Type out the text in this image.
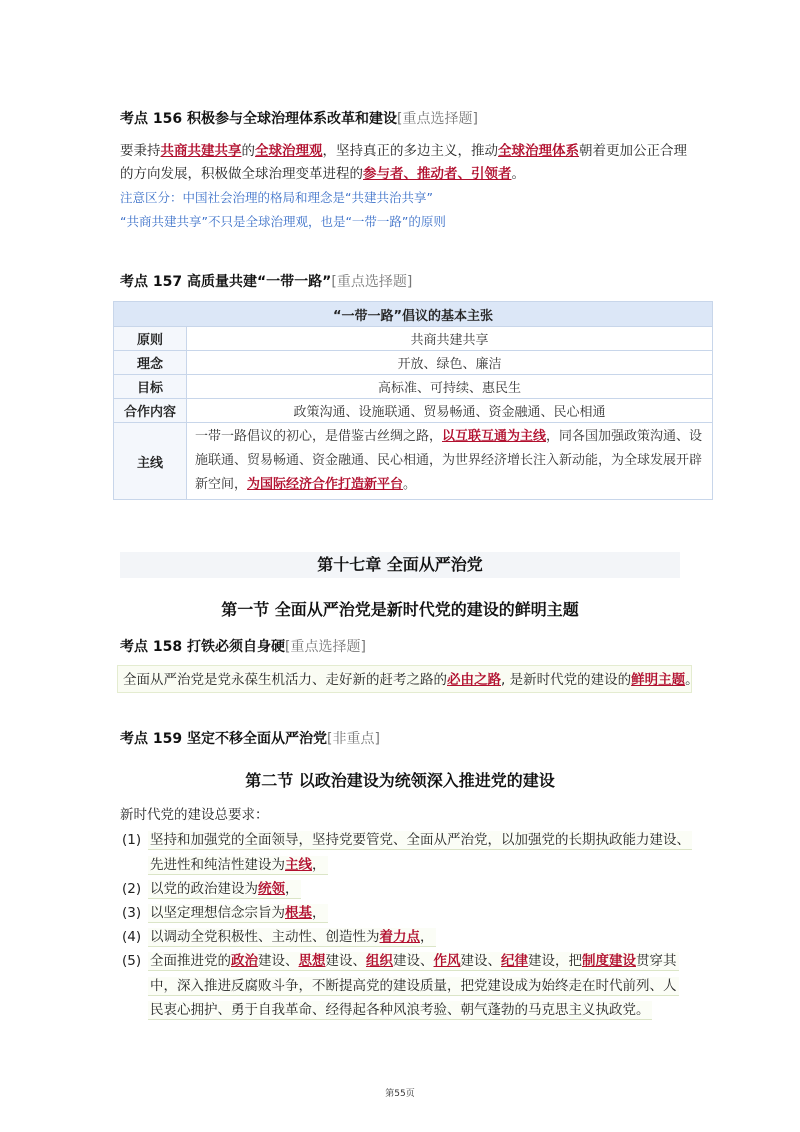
考点 156 积极参与全球治理体系改革和建设[重点选择题]
要秉持共商共建共享的全球治理观，坚持真正的多边主义，推动全球治理体系朝着更加公正合理的方向发展，积极做全球治理变革进程的参与者、推动者、引领者。
注意区分：中国社会治理的格局和理念是“共建共治共享”
“共商共建共享”不只是全球治理观，也是“一带一路”的原则
考点 157 高质量共建“一带一路”[重点选择题]
“一带一路”倡议的基本主张	
原则	共商共建共享
理念	开放、绿色、廉洁
目标	高标准、可持续、惠民生
合作内容	政策沟通、设施联通、贸易畅通、资金融通、民心相通
主线	一带一路倡议的初心，是借鉴古丝绸之路，以互联互通为主线，同各国加强政策沟通、设施联通、贸易畅通、资金融通、民心相通，为世界经济增长注入新动能，为全球发展开辟新空间，为国际经济合作打造新平台。
第十七章 全面从严治党
第一节 全面从严治党是新时代党的建设的鲜明主题
考点 158 打铁必须自身硬[重点选择题]
全面从严治党是党永葆生机活力、走好新的赶考之路的必由之路, 是新时代党的建设的鲜明主题。
考点 159 坚定不移全面从严治党[非重点]
第二节 以政治建设为统领深入推进党的建设
新时代党的建设总要求：
(1) 坚持和加强党的全面领导，坚持党要管党、全面从严治党，以加强党的长期执政能力建设、
先进性和纯洁性建设为主线，
(2) 以党的政治建设为统领，
(3) 以坚定理想信念宗旨为根基，
(4) 以调动全党积极性、主动性、创造性为着力点，
(5) 全面推进党的政治建设、思想建设、组织建设、作风建设、纪律建设，把制度建设贯穿其
中，深入推进反腐败斗争，不断提高党的建设质量，把党建设成为始终走在时代前列、人
民衷心拥护、勇于自我革命、经得起各种风浪考验、朝气蓬勃的马克思主义执政党。
第55页
